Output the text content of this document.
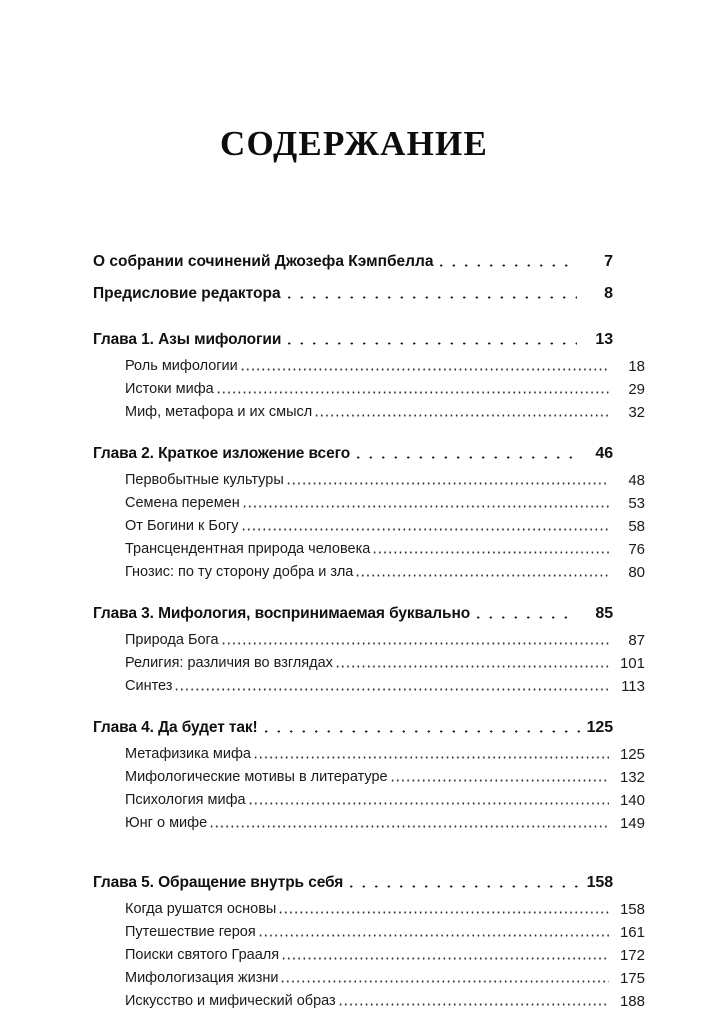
СОДЕРЖАНИЕ
О собрании сочинений Джозефа Кэмпбелла	7
Предисловие редактора	8
Глава 1. Азы мифологии	13
Роль мифологии	18
Истоки мифа	29
Миф, метафора и их смысл	32
Глава 2. Краткое изложение всего	46
Первобытные культуры	48
Семена перемен	53
От Богини к Богу	58
Трансцендентная природа человека	76
Гнозис: по ту сторону добра и зла	80
Глава 3. Мифология, воспринимаемая буквально	85
Природа Бога	87
Религия: различия во взглядах	101
Синтез	113
Глава 4. Да будет так!	125
Метафизика мифа	125
Мифологические мотивы в литературе	132
Психология мифа	140
Юнг о мифе	149
Глава 5. Обращение внутрь себя	158
Когда рушатся основы	158
Путешествие героя	161
Поиски святого Грааля	172
Мифологизация жизни	175
Искусство и мифический образ	188
